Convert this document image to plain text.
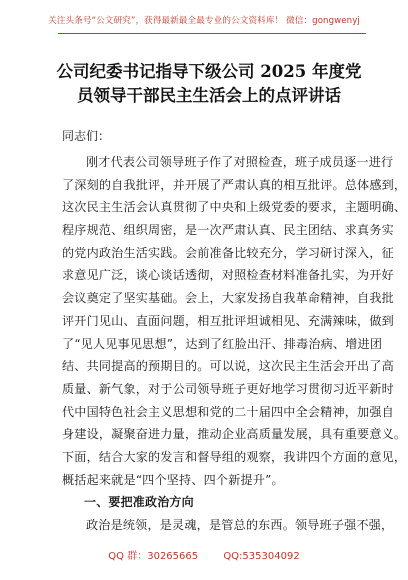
关注头条号“公文研究”，获得最新最全最专业的公文资料库！ 微信：gongwenyj
公司纪委书记指导下级公司 2025 年度党
员领导干部民主生活会上的点评讲话
同志们：
刚才代表公司领导班子作了对照检查，班子成员逐一进行
了深刻的自我批评，并开展了严肃认真的相互批评。总体感到，
这次民主生活会认真贯彻了中央和上级党委的要求，主题明确、
程序规范、组织周密，是一次严肃认真、民主团结、求真务实
的党内政治生活实践。会前准备比较充分，学习研讨深入，征
求意见广泛，谈心谈话透彻，对照检查材料准备扎实，为开好
会议奠定了坚实基础。会上，大家发扬自我革命精神，自我批
评开门见山、直面问题，相互批评坦诚相见、充满辣味，做到
了“见人见事见思想”，达到了红脸出汗、排毒治病、增进团
结、共同提高的预期目的。可以说，这次民主生活会开出了高
质量、新气象，对于公司领导班子更好地学习贯彻习近平新时
代中国特色社会主义思想和党的二十届四中全会精神，加强自
身建设，凝聚奋进力量，推动企业高质量发展，具有重要意义。
下面，结合大家的发言和督导组的观察，我讲四个方面的意见，
概括起来就是“四个坚持、四个新提升”。
一、要把准政治方向
政治是统领，是灵魂，是管总的东西。领导班子强不强，
QQ 群：30265665	QQ:535304092
